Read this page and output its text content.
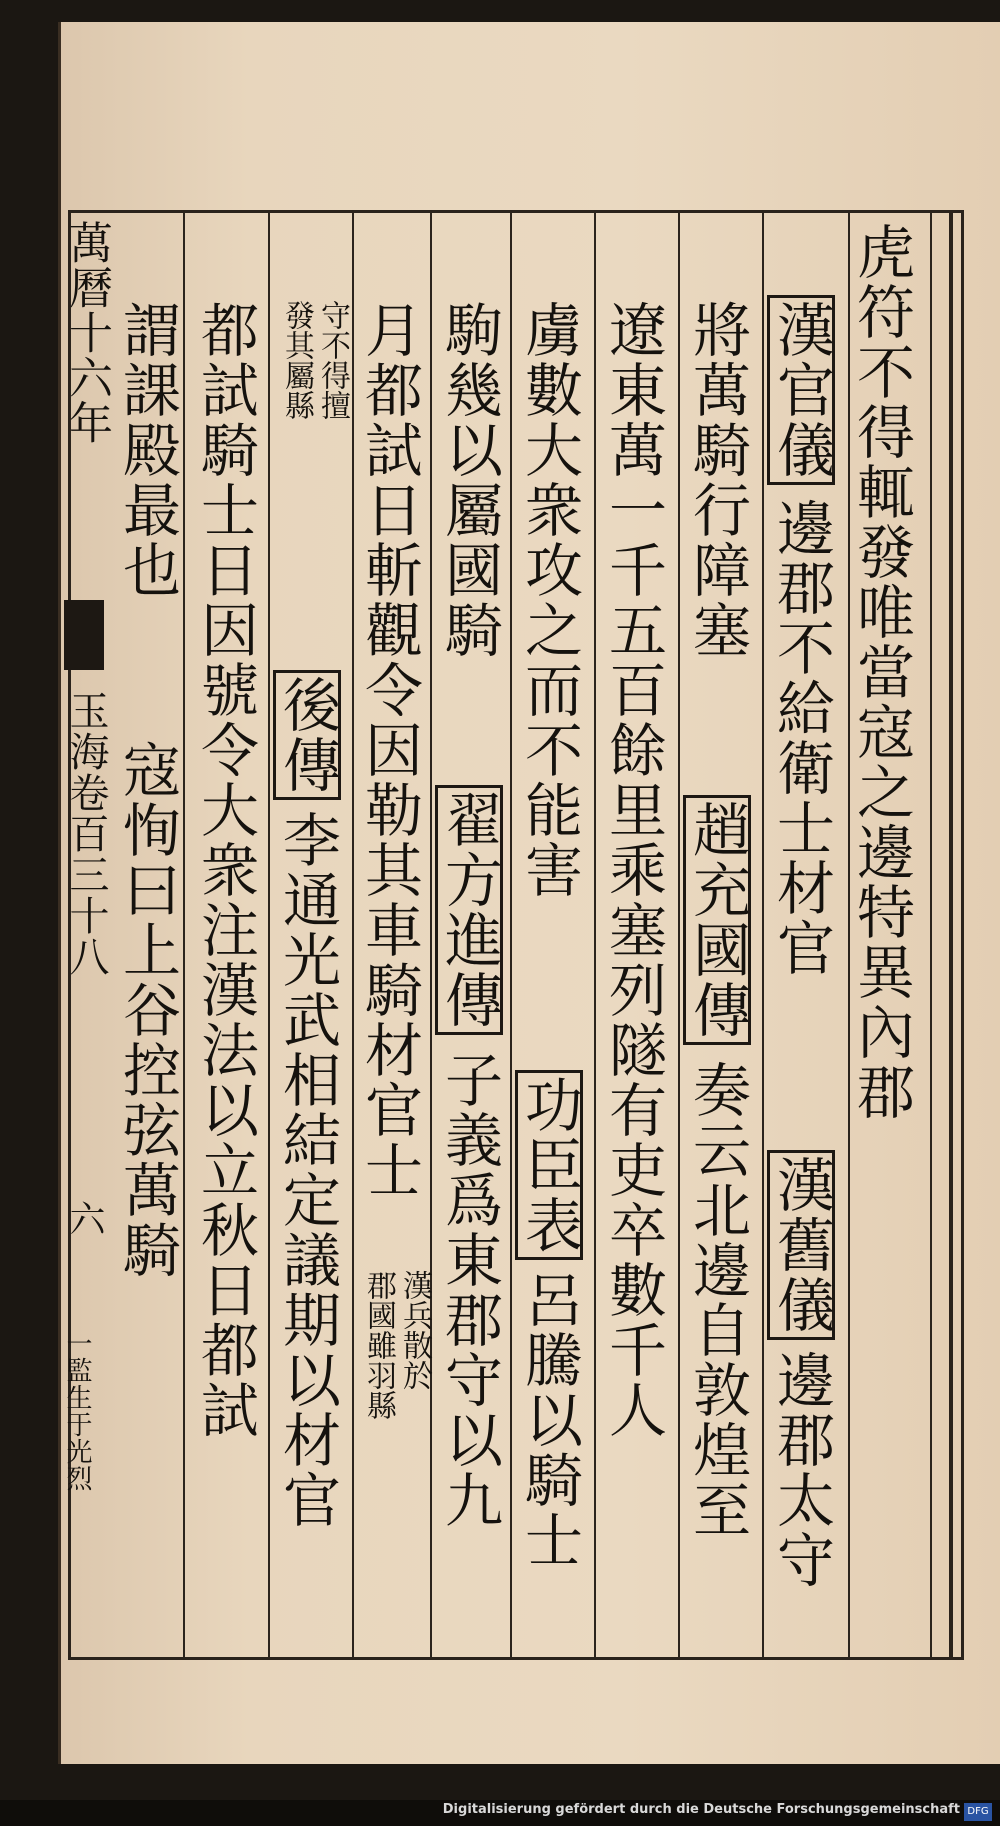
虎符不得輒發唯當寇之邊特異內郡
漢官儀
邊郡不給衛士材官
漢舊儀
邊郡太守
將萬騎行障塞
趙充國傳
奏云北邊自敦煌至
遼東萬一千五百餘里乘塞列隧有吏卒數千人
虜數大衆攻之而不能害
功臣表
呂騰以騎士
駒幾以屬國騎
翟方進傳
子義爲東郡守以九
月都試日斬觀令因勒其車騎材官士
漢兵散於
郡國雖羽縣
守不得擅
發其屬縣
後傳
李通光武相結定議期以材官
都試騎士日因號令大衆注漢法以立秋日都試
謂課殿最也
寇恂曰上谷控弦萬騎
萬曆十六年
玉海卷百三十八
六
一監生于光烈
Digitalisierung gefördert durch die Deutsche Forschungsgemeinschaft DFG
